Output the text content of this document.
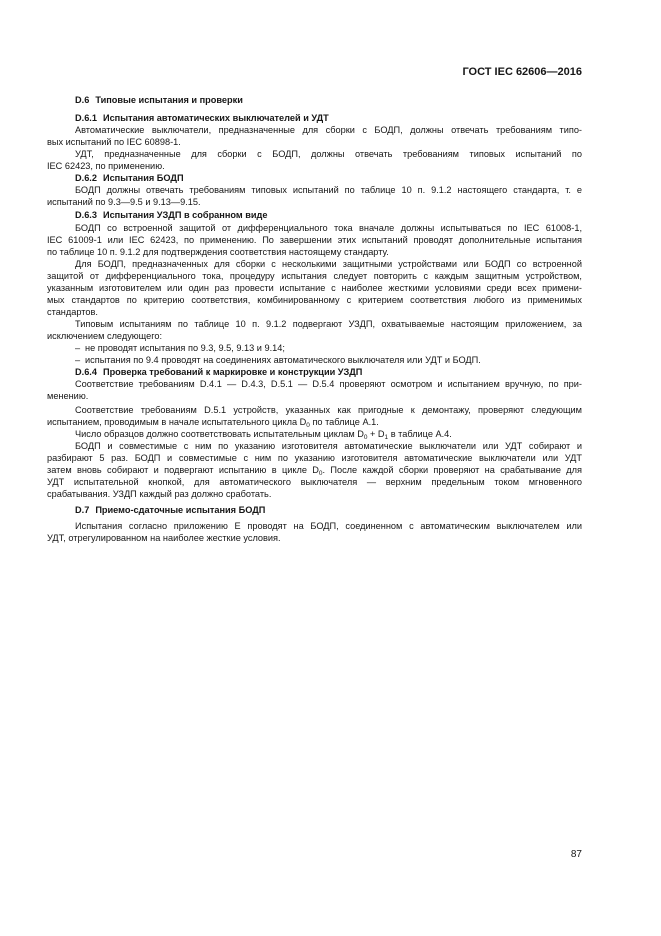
ГОСТ IEC 62606—2016
D.6 Типовые испытания и проверки
D.6.1 Испытания автоматических выключателей и УДТ
Автоматические выключатели, предназначенные для сборки с БОДП, должны отвечать требованиям типо-
вых испытаний по IEC 60898-1.
УДТ, предназначенные для сборки с БОДП, должны отвечать требованиям типовых испытаний по
IEC 62423, по применению.
D.6.2 Испытания БОДП
БОДП должны отвечать требованиям типовых испытаний по таблице 10 п. 9.1.2 настоящего стандарта, т. е
испытаний по 9.3—9.5 и 9.13—9.15.
D.6.3 Испытания УЗДП в собранном виде
БОДП со встроенной защитой от дифференциального тока вначале должны испытываться по IEC 61008-1,
IEC 61009-1 или IEC 62423, по применению. По завершении этих испытаний проводят дополнительные испытания
по таблице 10 п. 9.1.2 для подтверждения соответствия настоящему стандарту.
Для БОДП, предназначенных для сборки с несколькими защитными устройствами или БОДП со встроенной
защитой от дифференциального тока, процедуру испытания следует повторить с каждым защитным устройством,
указанным изготовителем или один раз провести испытание с наиболее жесткими условиями среди всех примени-
мых стандартов по критерию соответствия, комбинированному с критерием соответствия любого из применимых
стандартов.
Типовым испытаниям по таблице 10 п. 9.1.2 подвергают УЗДП, охватываемые настоящим приложением, за
исключением следующего:
– не проводят испытания по 9.3, 9.5, 9.13 и 9.14;
– испытания по 9.4 проводят на соединениях автоматического выключателя или УДТ и БОДП.
D.6.4 Проверка требований к маркировке и конструкции УЗДП
Соответствие требованиям D.4.1 — D.4.3, D.5.1 — D.5.4 проверяют осмотром и испытанием вручную, по при-
менению.
Соответствие требованиям D.5.1 устройств, указанных как пригодные к демонтажу, проверяют следующим
испытанием, проводимым в начале испытательного цикла $D_0$ по таблице А.1.
Число образцов должно соответствовать испытательным циклам $D_0 + D_1$ в таблице А.4.
БОДП и совместимые с ним по указанию изготовителя автоматические выключатели или УДТ собирают и
разбирают 5 раз. БОДП и совместимые с ним по указанию изготовителя автоматические выключатели или УДТ
затем вновь собирают и подвергают испытанию в цикле $D_0$. После каждой сборки проверяют на срабатывание для
УДТ испытательной кнопкой, для автоматического выключателя — верхним предельным током мгновенного
срабатывания. УЗДП каждый раз должно сработать.
D.7 Приемо-сдаточные испытания БОДП
Испытания согласно приложению Е проводят на БОДП, соединенном с автоматическим выключателем или
УДТ, отрегулированном на наиболее жесткие условия.
87
